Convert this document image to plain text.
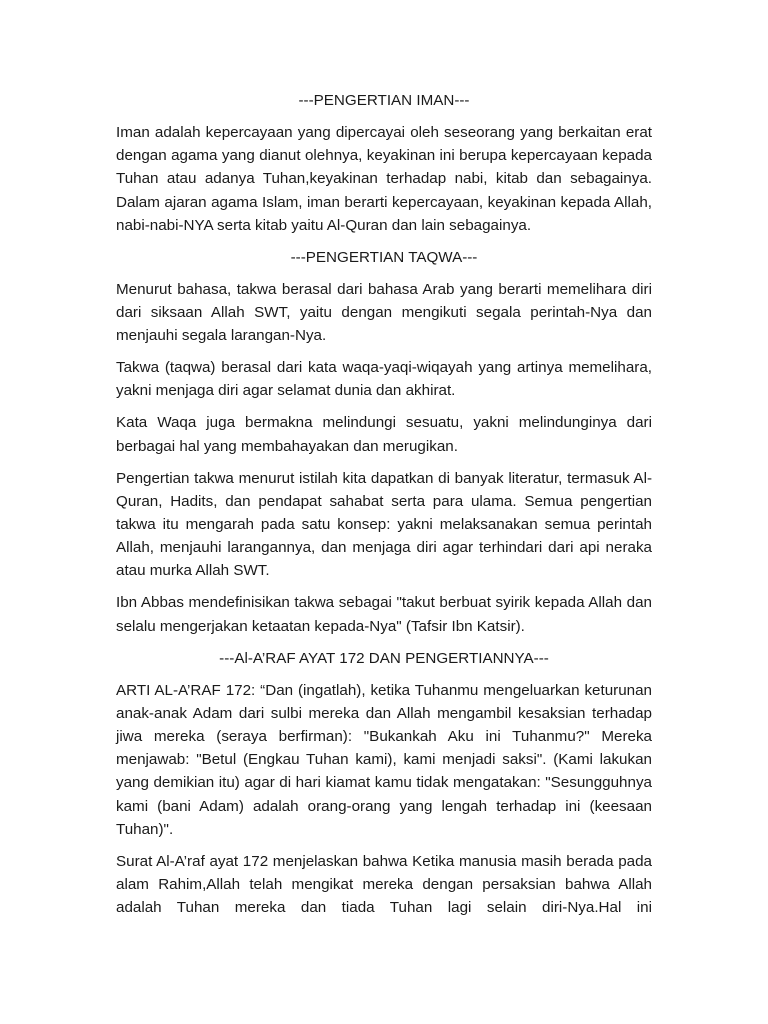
---PENGERTIAN IMAN---

Iman adalah kepercayaan yang dipercayai oleh seseorang yang berkaitan erat dengan agama yang dianut olehnya, keyakinan ini berupa kepercayaan kepada Tuhan atau adanya Tuhan,keyakinan terhadap nabi, kitab dan sebagainya. Dalam ajaran agama Islam, iman berarti kepercayaan, keyakinan kepada Allah, nabi-nabi-NYA serta kitab yaitu Al-Quran dan lain sebagainya.

---PENGERTIAN TAQWA---

Menurut bahasa, takwa berasal dari bahasa Arab yang berarti memelihara diri dari siksaan Allah SWT, yaitu dengan mengikuti segala perintah-Nya dan menjauhi segala larangan-Nya.

Takwa (taqwa) berasal dari kata waqa-yaqi-wiqayah yang artinya memelihara, yakni menjaga diri agar selamat dunia dan akhirat.

Kata Waqa juga bermakna melindungi sesuatu, yakni melindunginya dari berbagai hal yang membahayakan dan merugikan.

Pengertian takwa menurut istilah kita dapatkan di banyak literatur, termasuk Al-Quran, Hadits, dan pendapat sahabat serta para ulama. Semua pengertian takwa itu mengarah pada satu konsep: yakni melaksanakan semua perintah Allah, menjauhi larangannya, dan menjaga diri agar terhindari dari api neraka atau murka Allah SWT.

Ibn Abbas mendefinisikan takwa sebagai "takut berbuat syirik kepada Allah dan selalu mengerjakan ketaatan kepada-Nya" (Tafsir Ibn Katsir).

---Al-A’RAF AYAT 172 DAN PENGERTIANNYA---

ARTI AL-A’RAF 172: “Dan (ingatlah), ketika Tuhanmu mengeluarkan keturunan anak-anak Adam dari sulbi mereka dan Allah mengambil kesaksian terhadap jiwa mereka (seraya berfirman): "Bukankah Aku ini Tuhanmu?" Mereka menjawab: "Betul (Engkau Tuhan kami), kami menjadi saksi". (Kami lakukan yang demikian itu) agar di hari kiamat kamu tidak mengatakan: "Sesungguhnya kami (bani Adam) adalah orang-orang yang lengah terhadap ini (keesaan Tuhan)".

Surat Al-A’raf ayat 172 menjelaskan bahwa Ketika manusia masih berada pada alam Rahim,Allah telah mengikat mereka dengan persaksian bahwa Allah adalah Tuhan mereka dan tiada Tuhan lagi selain diri-Nya.Hal ini
